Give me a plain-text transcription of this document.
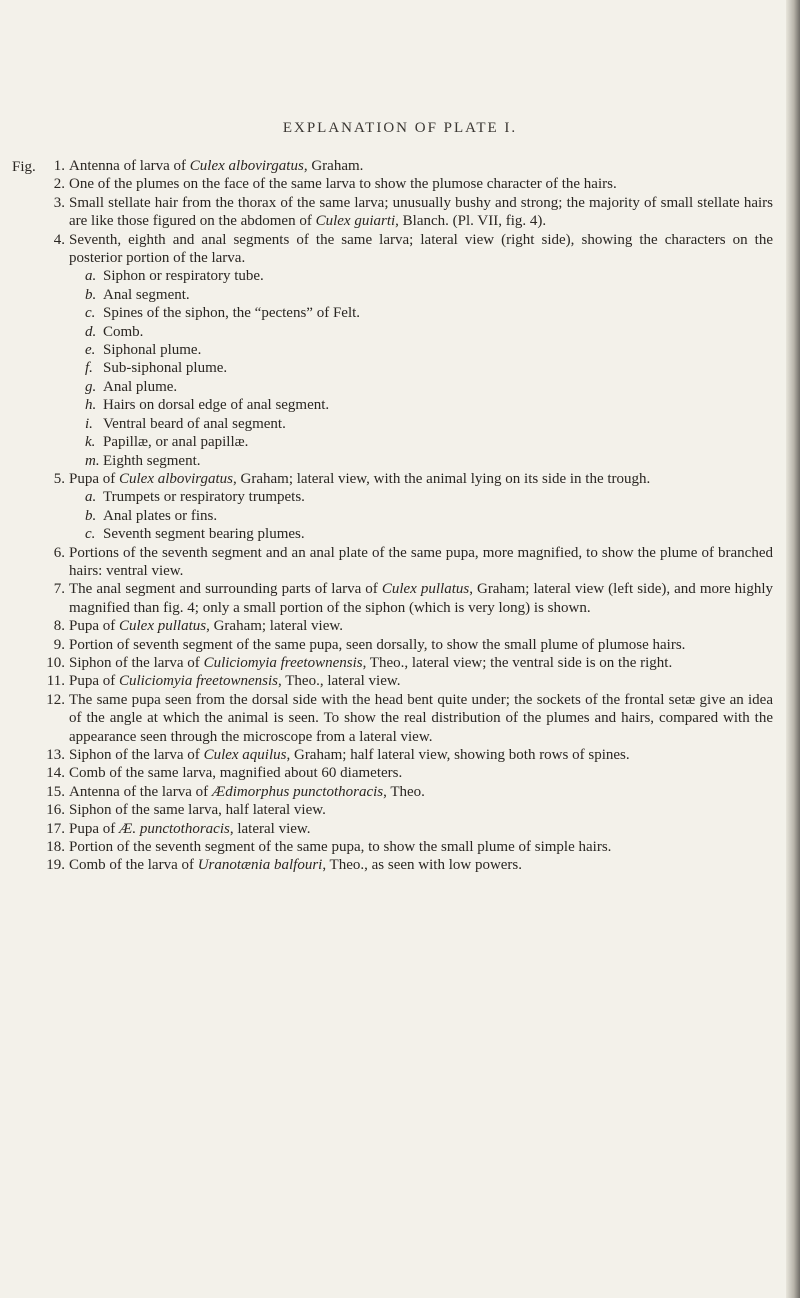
EXPLANATION OF PLATE I.
Fig. 1. Antenna of larva of Culex albovirgatus, Graham.
2. One of the plumes on the face of the same larva to show the plumose character of the hairs.
3. Small stellate hair from the thorax of the same larva; unusually bushy and strong; the majority of small stellate hairs are like those figured on the abdomen of Culex guiarti, Blanch. (Pl. VII, fig. 4).
4. Seventh, eighth and anal segments of the same larva; lateral view (right side), showing the characters on the posterior portion of the larva.
a. Siphon or respiratory tube.
b. Anal segment.
c. Spines of the siphon, the “pectens” of Felt.
d. Comb.
e. Siphonal plume.
f. Sub-siphonal plume.
g. Anal plume.
h. Hairs on dorsal edge of anal segment.
i. Ventral beard of anal segment.
k. Papillæ, or anal papillæ.
m. Eighth segment.
5. Pupa of Culex albovirgatus, Graham; lateral view, with the animal lying on its side in the trough.
a. Trumpets or respiratory trumpets.
b. Anal plates or fins.
c. Seventh segment bearing plumes.
6. Portions of the seventh segment and an anal plate of the same pupa, more magnified, to show the plume of branched hairs: ventral view.
7. The anal segment and surrounding parts of larva of Culex pullatus, Graham; lateral view (left side), and more highly magnified than fig. 4; only a small portion of the siphon (which is very long) is shown.
8. Pupa of Culex pullatus, Graham; lateral view.
9. Portion of seventh segment of the same pupa, seen dorsally, to show the small plume of plumose hairs.
10. Siphon of the larva of Culiciomyia freetownensis, Theo., lateral view; the ventral side is on the right.
11. Pupa of Culiciomyia freetownensis, Theo., lateral view.
12. The same pupa seen from the dorsal side with the head bent quite under; the sockets of the frontal setæ give an idea of the angle at which the animal is seen. To show the real distribution of the plumes and hairs, compared with the appearance seen through the microscope from a lateral view.
13. Siphon of the larva of Culex aquilus, Graham; half lateral view, showing both rows of spines.
14. Comb of the same larva, magnified about 60 diameters.
15. Antenna of the larva of Ædimorphus punctothoracis, Theo.
16. Siphon of the same larva, half lateral view.
17. Pupa of Æ. punctothoracis, lateral view.
18. Portion of the seventh segment of the same pupa, to show the small plume of simple hairs.
19. Comb of the larva of Uranotænia balfouri, Theo., as seen with low powers.
